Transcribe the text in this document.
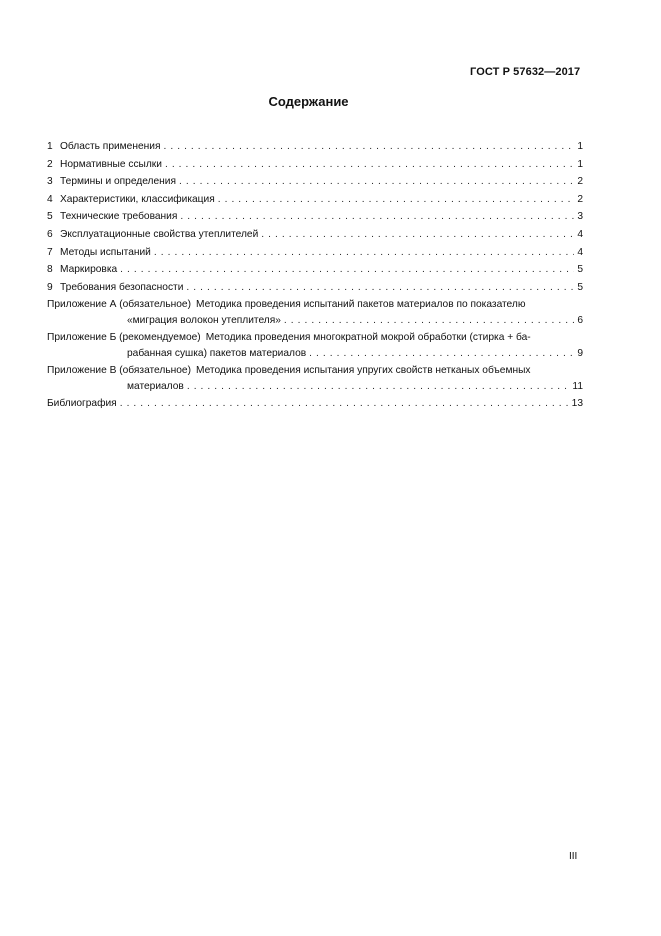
ГОСТ Р 57632—2017
Содержание
1 Область применения . . .	1
2 Нормативные ссылки . . .	1
3 Термины и определения . . .	2
4 Характеристики, классификация . . .	2
5 Технические требования . . .	3
6 Эксплуатационные свойства утеплителей . . .	4
7 Методы испытаний . . .	4
8 Маркировка . . .	5
9 Требования безопасности . . .	5
Приложение А (обязательное) Методика проведения испытаний пакетов материалов по показателю
«миграция волокон утеплителя» . . .	6
Приложение Б (рекомендуемое) Методика проведения многократной мокрой обработки (стирка + ба-
рабанная сушка) пакетов материалов . . .	9
Приложение В (обязательное) Методика проведения испытания упругих свойств нетканых объемных
материалов . . .	11
Библиография . . .	13
III
